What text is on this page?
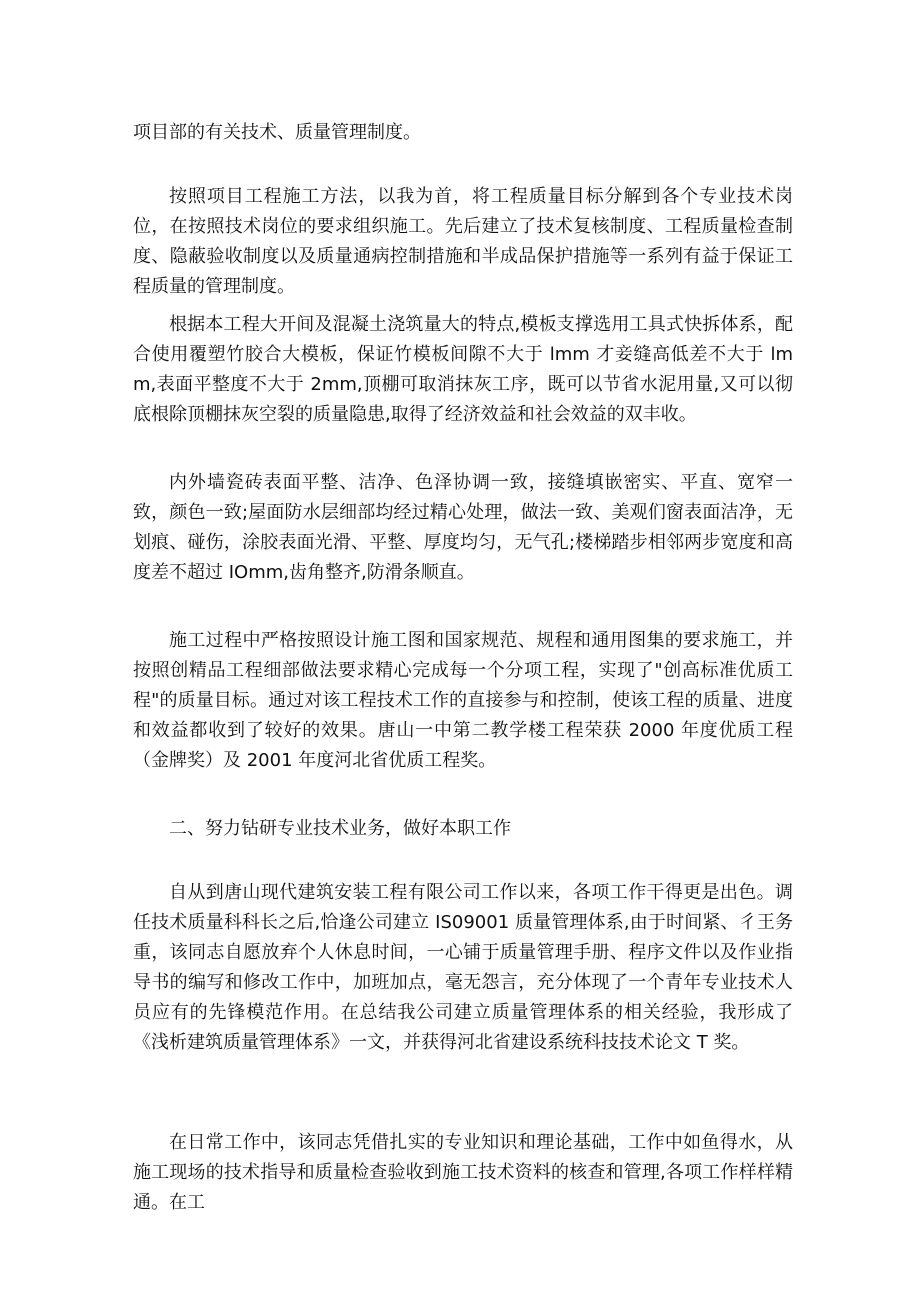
项目部的有关技术、质量管理制度。

按照项目工程施工方法，以我为首，将工程质量目标分解到各个专业技术岗位，在按照技术岗位的要求组织施工。先后建立了技术复核制度、工程质量检查制度、隐蔽验收制度以及质量通病控制措施和半成品保护措施等一系列有益于保证工程质量的管理制度。

根据本工程大开间及混凝土浇筑量大的特点,模板支撑选用工具式快拆体系，配合使用覆塑竹胶合大模板，保证竹模板间隙不大于 lmm 才妾缝高低差不大于 lmm,表面平整度不大于 2mm,顶棚可取消抹灰工序，既可以节省水泥用量,又可以彻底根除顶棚抹灰空裂的质量隐患,取得了经济效益和社会效益的双丰收。

内外墙瓷砖表面平整、洁净、色泽协调一致，接缝填嵌密实、平直、宽窄一致，颜色一致;屋面防水层细部均经过精心处理，做法一致、美观们窗表面洁净，无划痕、碰伤，涂胶表面光滑、平整、厚度均匀，无气孔;楼梯踏步相邻两步宽度和高度差不超过 IOmm,齿角整齐,防滑条顺直。

施工过程中严格按照设计施工图和国家规范、规程和通用图集的要求施工，并按照创精品工程细部做法要求精心完成每一个分项工程，实现了"创高标准优质工程"的质量目标。通过对该工程技术工作的直接参与和控制，使该工程的质量、进度和效益都收到了较好的效果。唐山一中第二教学楼工程荣获 2000 年度优质工程（金牌奖）及 2001 年度河北省优质工程奖。

二、努力钻研专业技术业务，做好本职工作

自从到唐山现代建筑安装工程有限公司工作以来，各项工作干得更是出色。调任技术质量科科长之后,恰逢公司建立 IS09001 质量管理体系,由于时间紧、彳王务重，该同志自愿放弃个人休息时间，一心铺于质量管理手册、程序文件以及作业指导书的编写和修改工作中，加班加点，毫无怨言，充分体现了一个青年专业技术人员应有的先锋模范作用。在总结我公司建立质量管理体系的相关经验，我形成了《浅析建筑质量管理体系》一文，并获得河北省建设系统科技技术论文 T 奖。

在日常工作中，该同志凭借扎实的专业知识和理论基础，工作中如鱼得水，从施工现场的技术指导和质量检查验收到施工技术资料的核查和管理,各项工作样样精通。在工
